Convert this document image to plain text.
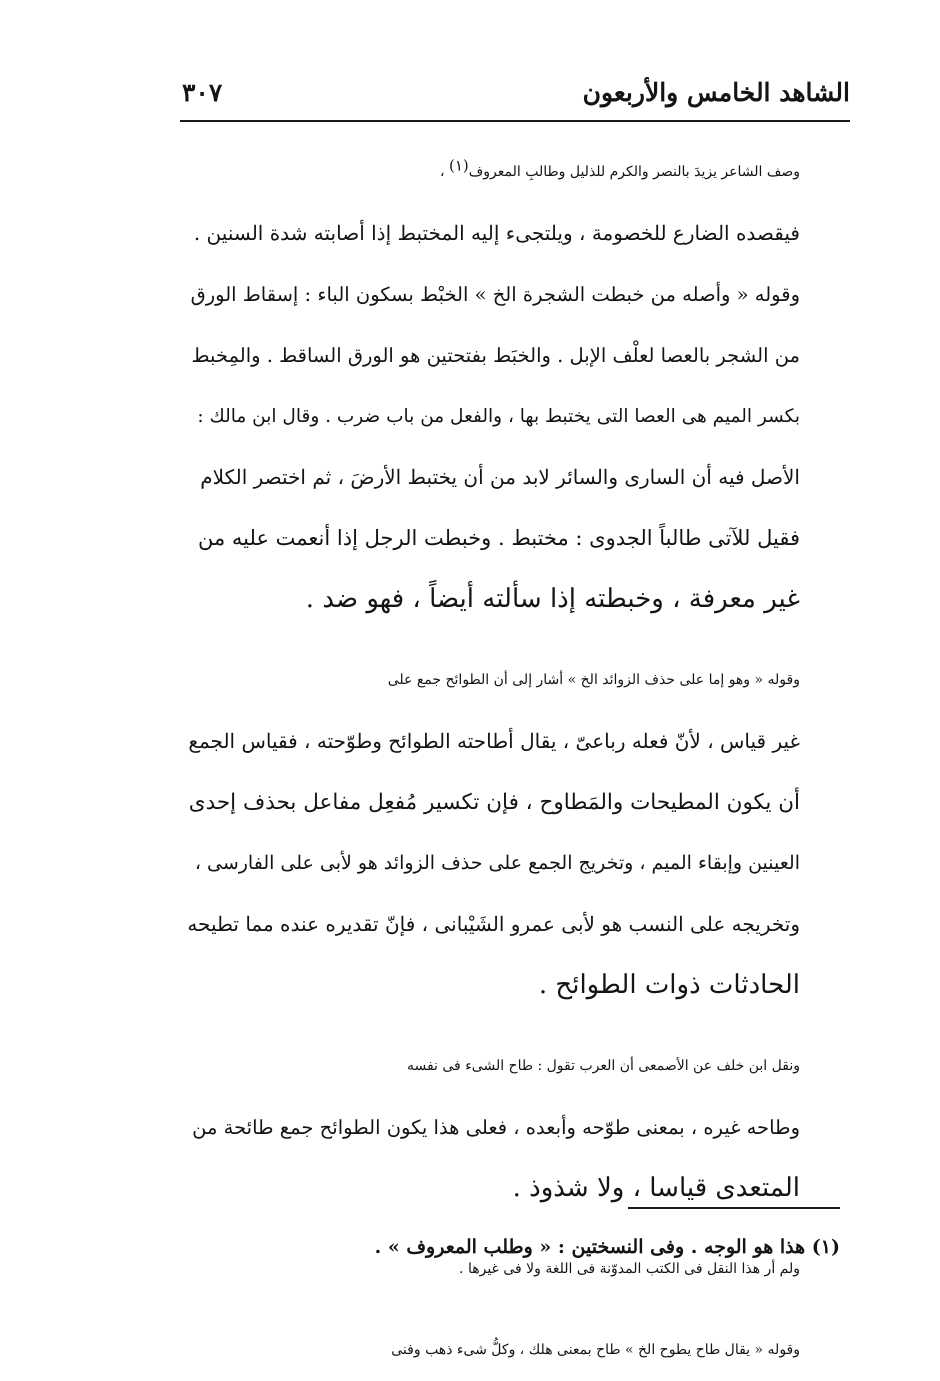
الشاهد الخامس والأربعون
٣٠٧

وصف الشاعر يزيدَ بالنصر والكرم للذليل وطالبِ المعروف(١) ،
فيقصده الضارع للخصومة ، ويلتجىء إليه المختبط إذا أصابته شدة السنين .
وقوله « وأصله من خبطت الشجرة الخ » الخبْط بسكون الباء : إسقاط الورق
من الشجر بالعصا لعلْف الإبل . والخبَط بفتحتين هو الورق الساقط . والمِخبط
بكسر الميم هى العصا التى يختبط بها ، والفعل من باب ضرب . وقال ابن مالك :
الأصل فيه أن السارى والسائر لابد من أن يختبط الأرضَ ، ثم اختصر الكلام
فقيل للآتى طالباً الجدوى : مختبط . وخبطت الرجل إذا أنعمت عليه من
غير معرفة ، وخبطته إذا سألته أيضاً ، فهو ضد .

وقوله « وهو إما على حذف الزوائد الخ » أشار إلى أن الطوائح جمع على
غير قياس ، لأنّ فعله رباعىّ ، يقال أطاحته الطوائح وطوّحته ، فقياس الجمع
أن يكون المطيحات والمَطاوح ، فإن تكسير مُفعِل مفاعل بحذف إحدى
العينين وإبقاء الميم ، وتخريج الجمع على حذف الزوائد هو لأبى على الفارسى ،
وتخريجه على النسب هو لأبى عمرو الشَيْبانى ، فإنّ تقديره عنده مما تطيحه
الحادثات ذوات الطوائح .

ونقل ابن خلف عن الأصمعى أن العرب تقول : طاح الشىء فى نفسه
وطاحه غيره ، بمعنى طوّحه وأبعده ، فعلى هذا يكون الطوائح جمع طائحة من
المتعدى قياسا ، ولا شذوذ .

ولم أر هذا النقل فى الكتب المدوّنة فى اللغة ولا فى غيرها .

وقوله « يقال طاح يطوح الخ » طاح بمعنى هلك ، وكلُّ شىء ذهب وفنى

(١) هذا هو الوجه . وفى النسختين : « وطلب المعروف » .
